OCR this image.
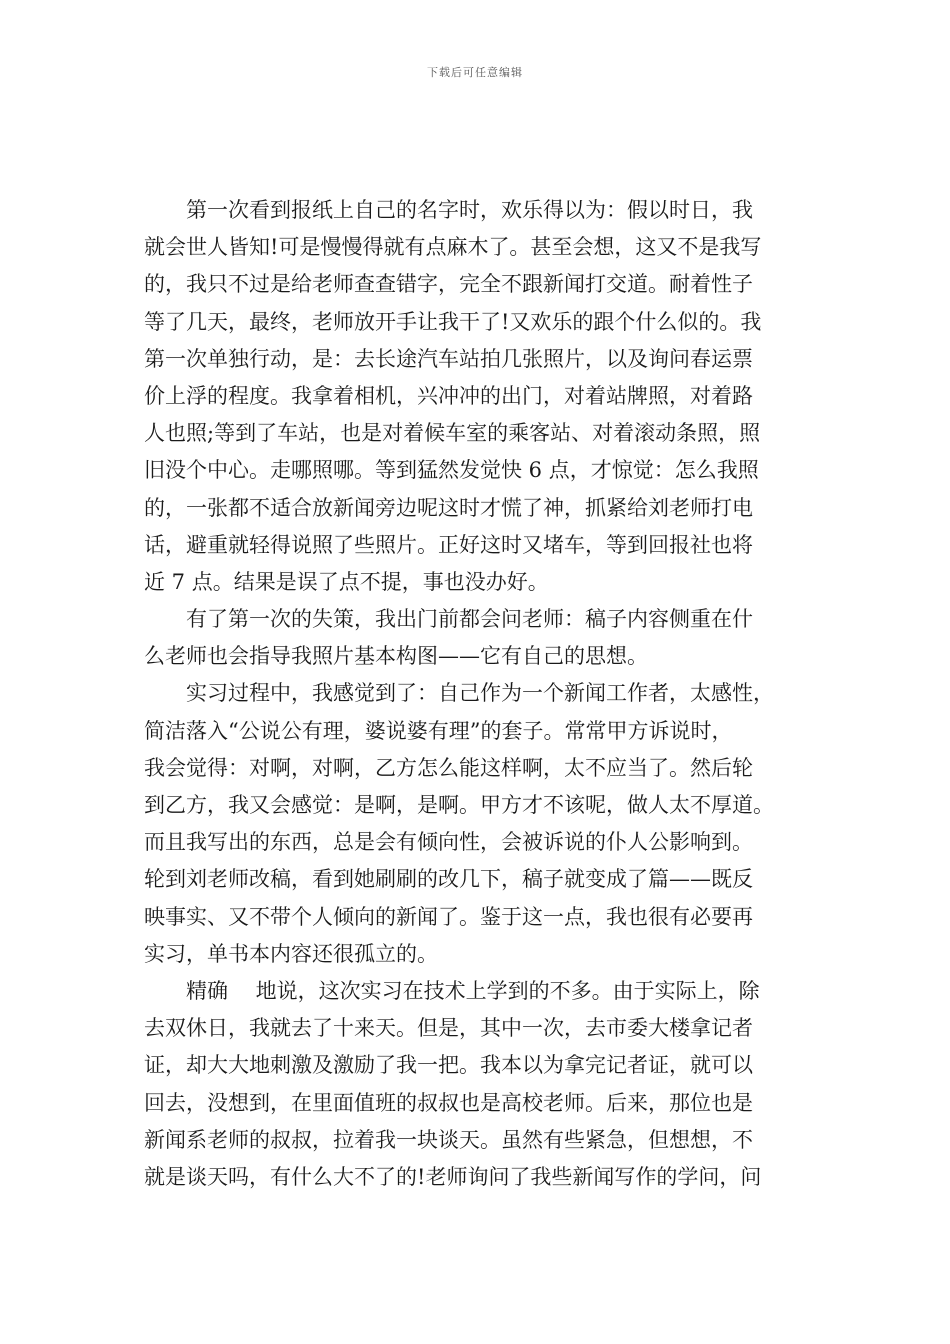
下载后可任意编辑
第一次看到报纸上自己的名字时，欢乐得以为：假以时日，我
就会世人皆知!可是慢慢得就有点麻木了。甚至会想，这又不是我写
的，我只不过是给老师查查错字，完全不跟新闻打交道。耐着性子
等了几天，最终，老师放开手让我干了!又欢乐的跟个什么似的。我
第一次单独行动，是：去长途汽车站拍几张照片，以及询问春运票
价上浮的程度。我拿着相机，兴冲冲的出门，对着站牌照，对着路
人也照;等到了车站，也是对着候车室的乘客站、对着滚动条照，照
旧没个中心。走哪照哪。等到猛然发觉快 6 点，才惊觉：怎么我照
的，一张都不适合放新闻旁边呢这时才慌了神，抓紧给刘老师打电
话，避重就轻得说照了些照片。正好这时又堵车，等到回报社也将
近 7 点。结果是误了点不提，事也没办好。
有了第一次的失策，我出门前都会问老师：稿子内容侧重在什
么老师也会指导我照片基本构图——它有自己的思想。
实习过程中，我感觉到了：自己作为一个新闻工作者，太感性，
简洁落入“公说公有理，婆说婆有理”的套子。常常甲方诉说时，
我会觉得：对啊，对啊，乙方怎么能这样啊，太不应当了。然后轮
到乙方，我又会感觉：是啊，是啊。甲方才不该呢，做人太不厚道。
而且我写出的东西，总是会有倾向性，会被诉说的仆人公影响到。
轮到刘老师改稿，看到她刷刷的改几下，稿子就变成了篇——既反
映事实、又不带个人倾向的新闻了。鉴于这一点，我也很有必要再
实习，单书本内容还很孤立的。
精确　 地说，这次实习在技术上学到的不多。由于实际上，除
去双休日，我就去了十来天。但是，其中一次，去市委大楼拿记者
证，却大大地刺激及激励了我一把。我本以为拿完记者证，就可以
回去，没想到，在里面值班的叔叔也是高校老师。后来，那位也是
新闻系老师的叔叔，拉着我一块谈天。虽然有些紧急，但想想，不
就是谈天吗，有什么大不了的!老师询问了我些新闻写作的学问，问
